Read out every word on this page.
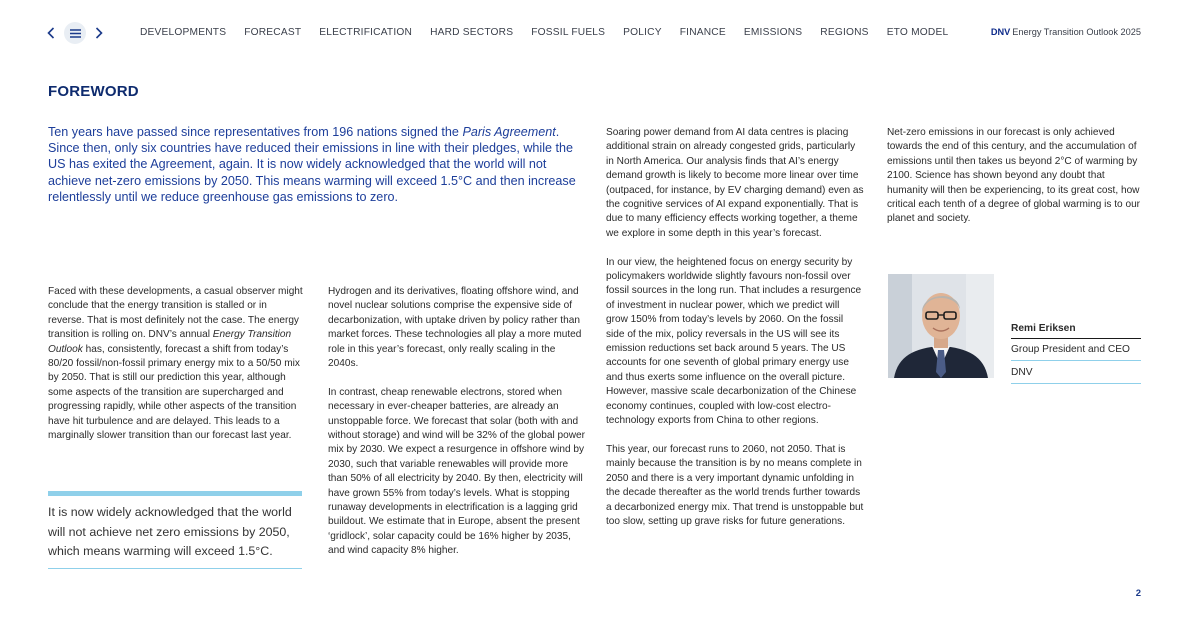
DEVELOPMENTS FORECAST ELECTRIFICATION HARD SECTORS FOSSIL FUELS POLICY FINANCE EMISSIONS REGIONS ETO MODEL	DNV Energy Transition Outlook 2025
FOREWORD

Ten years have passed since representatives from 196 nations signed the Paris Agreement. Since then, only six countries have reduced their emissions in line with their pledges, while the US has exited the Agreement, again. It is now widely acknowledged that the world will not achieve net-zero emissions by 2050. This means warming will exceed 1.5°C and then increase relentlessly until we reduce greenhouse gas emissions to zero.

Faced with these developments, a casual observer might conclude that the energy transition is stalled or in reverse. That is most definitely not the case. The energy transition is rolling on. DNV’s annual Energy Transition Outlook has, consistently, forecast a shift from today’s 80/20 fossil/non-fossil primary energy mix to a 50/50 mix by 2050. That is still our prediction this year, although some aspects of the transition are supercharged and progressing rapidly, while other aspects of the transition have hit turbulence and are delayed. This leads to a marginally slower transition than our forecast last year.

It is now widely acknowledged that the world will not achieve net zero emissions by 2050, which means warming will exceed 1.5°C.

Hydrogen and its derivatives, floating offshore wind, and novel nuclear solutions comprise the expensive side of decarbonization, with uptake driven by policy rather than market forces. These technologies all play a more muted role in this year’s forecast, only really scaling in the 2040s.

In contrast, cheap renewable electrons, stored when necessary in ever-cheaper batteries, are already an unstoppable force. We forecast that solar (both with and without storage) and wind will be 32% of the global power mix by 2030. We expect a resurgence in offshore wind by 2030, such that variable renewables will provide more than 50% of all electricity by 2040. By then, electricity will have grown 55% from today’s levels. What is stopping runaway developments in electrification is a lagging grid buildout. We estimate that in Europe, absent the present ‘gridlock’, solar capacity could be 16% higher by 2035, and wind capacity 8% higher.

Soaring power demand from AI data centres is placing additional strain on already congested grids, particularly in North America. Our analysis finds that AI’s energy demand growth is likely to become more linear over time (outpaced, for instance, by EV charging demand) even as the cognitive services of AI expand exponentially. That is due to many efficiency effects working together, a theme we explore in some depth in this year’s forecast.

In our view, the heightened focus on energy security by policymakers worldwide slightly favours non-fossil over fossil sources in the long run. That includes a resurgence of investment in nuclear power, which we predict will grow 150% from today’s levels by 2060. On the fossil side of the mix, policy reversals in the US will see its emission reductions set back around 5 years. The US accounts for one seventh of global primary energy use and thus exerts some influence on the overall picture. However, massive scale decarbonization of the Chinese economy continues, coupled with low-cost electro-technology exports from China to other regions.

This year, our forecast runs to 2060, not 2050. That is mainly because the transition is by no means complete in 2050 and there is a very important dynamic unfolding in the decade thereafter as the world trends further towards a decarbonized energy mix. That trend is unstoppable but too slow, setting up grave risks for future generations.

Net-zero emissions in our forecast is only achieved towards the end of this century, and the accumulation of emissions until then takes us beyond 2°C of warming by 2100. Science has shown beyond any doubt that humanity will then be experiencing, to its great cost, how critical each tenth of a degree of global warming is to our planet and society.

Remi Eriksen
Group President and CEO
DNV
2
